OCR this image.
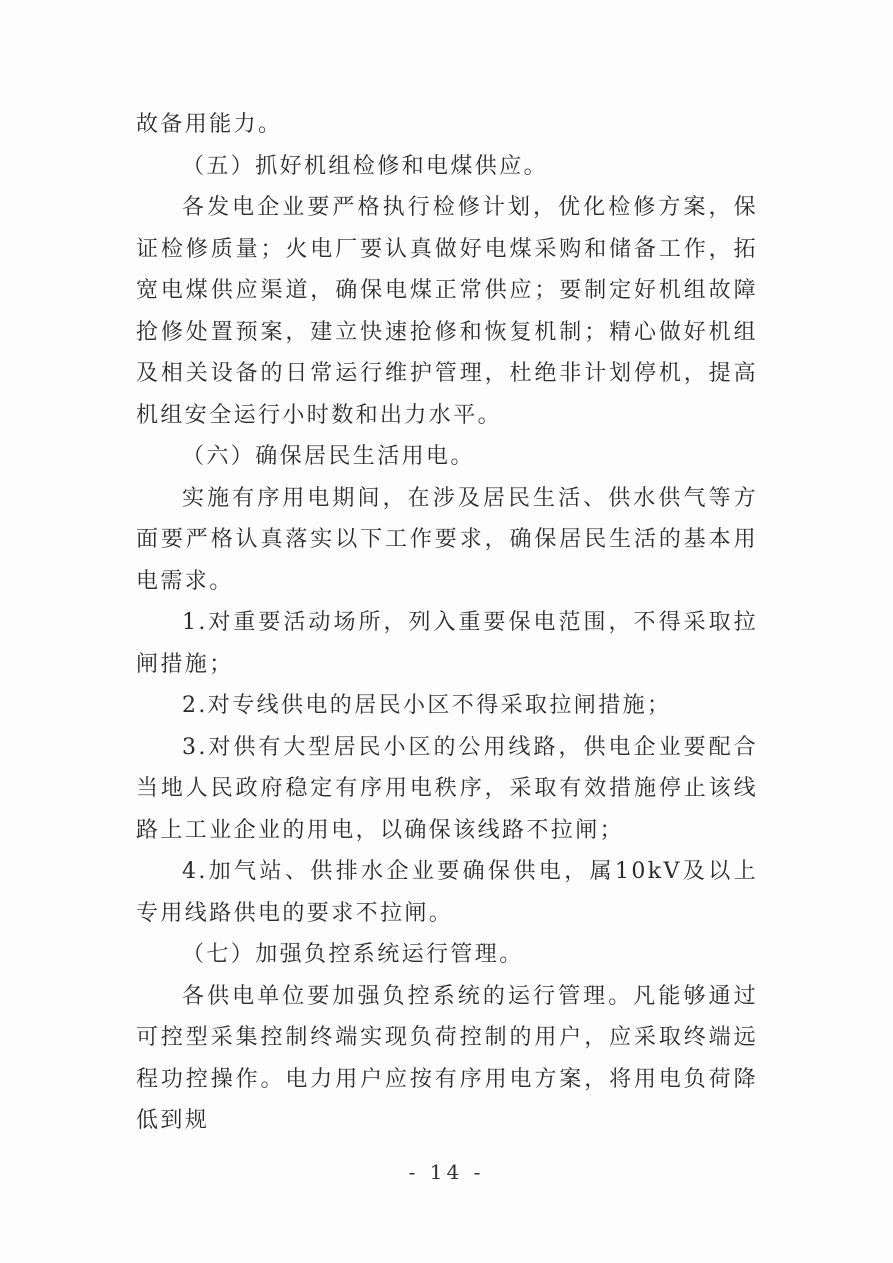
故备用能力。

（五）抓好机组检修和电煤供应。

各发电企业要严格执行检修计划，优化检修方案，保证检修质量；火电厂要认真做好电煤采购和储备工作，拓宽电煤供应渠道，确保电煤正常供应；要制定好机组故障抢修处置预案，建立快速抢修和恢复机制；精心做好机组及相关设备的日常运行维护管理，杜绝非计划停机，提高机组安全运行小时数和出力水平。

（六）确保居民生活用电。

实施有序用电期间，在涉及居民生活、供水供气等方面要严格认真落实以下工作要求，确保居民生活的基本用电需求。

1.对重要活动场所，列入重要保电范围，不得采取拉闸措施；

2.对专线供电的居民小区不得采取拉闸措施；

3.对供有大型居民小区的公用线路，供电企业要配合当地人民政府稳定有序用电秩序，采取有效措施停止该线路上工业企业的用电，以确保该线路不拉闸；

4.加气站、供排水企业要确保供电，属10kV及以上专用线路供电的要求不拉闸。

（七）加强负控系统运行管理。

各供电单位要加强负控系统的运行管理。凡能够通过可控型采集控制终端实现负荷控制的用户，应采取终端远程功控操作。电力用户应按有序用电方案，将用电负荷降低到规

- 14 -
